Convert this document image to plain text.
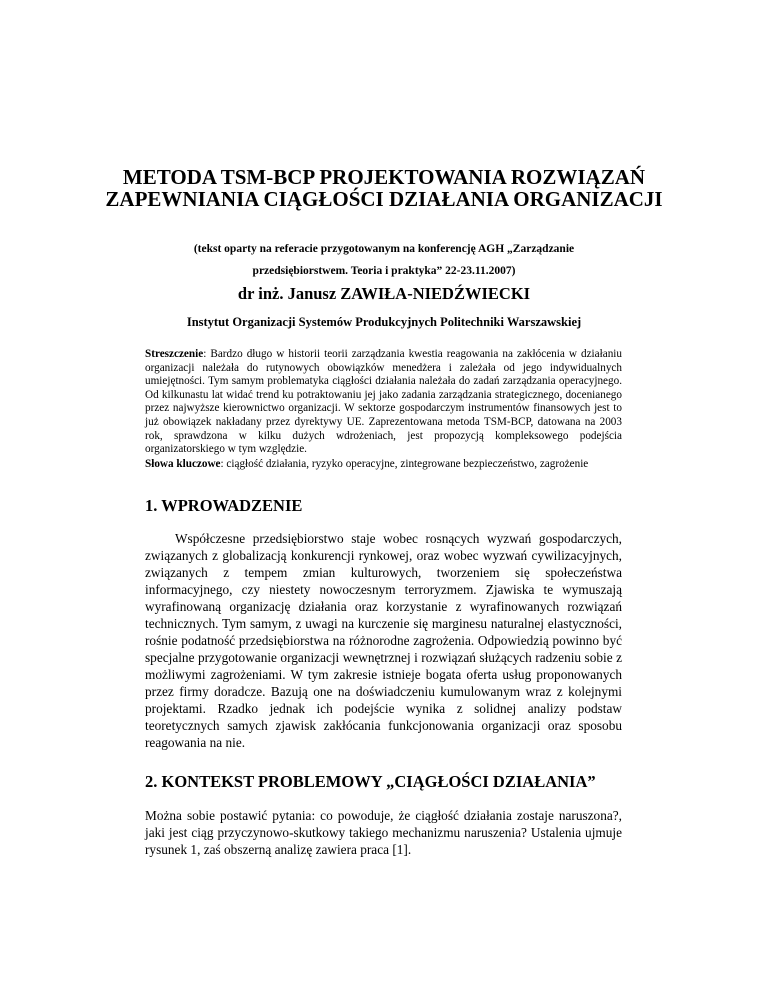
METODA TSM-BCP PROJEKTOWANIA ROZWIĄZAŃ ZAPEWNIANIA CIĄGŁOŚCI DZIAŁANIA ORGANIZACJI
(tekst oparty na referacie przygotowanym na konferencję AGH „Zarządzanie przedsiębiorstwem. Teoria i praktyka” 22-23.11.2007)
dr inż. Janusz ZAWIŁA-NIEDŹWIECKI
Instytut Organizacji Systemów Produkcyjnych Politechniki Warszawskiej

Streszczenie: Bardzo długo w historii teorii zarządzania kwestia reagowania na zakłócenia w działaniu organizacji należała do rutynowych obowiązków menedżera i zależała od jego indywidualnych umiejętności. Tym samym problematyka ciągłości działania należała do zadań zarządzania operacyjnego. Od kilkunastu lat widać trend ku potraktowaniu jej jako zadania zarządzania strategicznego, docenianego przez najwyższe kierownictwo organizacji. W sektorze gospodarczym instrumentów finansowych jest to już obowiązek nakładany przez dyrektywy UE. Zaprezentowana metoda TSM-BCP, datowana na 2003 rok, sprawdzona w kilku dużych wdrożeniach, jest propozycją kompleksowego podejścia organizatorskiego w tym względzie.

Słowa kluczowe: ciągłość działania, ryzyko operacyjne, zintegrowane bezpieczeństwo, zagrożenie

1. WPROWADZENIE

Współczesne przedsiębiorstwo staje wobec rosnących wyzwań gospodarczych, związanych z globalizacją konkurencji rynkowej, oraz wobec wyzwań cywilizacyjnych, związanych z tempem zmian kulturowych, tworzeniem się społeczeństwa informacyjnego, czy niestety nowoczesnym terroryzmem. Zjawiska te wymuszają wyrafinowaną organizację działania oraz korzystanie z wyrafinowanych rozwiązań technicznych. Tym samym, z uwagi na kurczenie się marginesu naturalnej elastyczności, rośnie podatność przedsiębiorstwa na różnorodne zagrożenia. Odpowiedzią powinno być specjalne przygotowanie organizacji wewnętrznej i rozwiązań służących radzeniu sobie z możliwymi zagrożeniami. W tym zakresie istnieje bogata oferta usług proponowanych przez firmy doradcze. Bazują one na doświadczeniu kumulowanym wraz z kolejnymi projektami. Rzadko jednak ich podejście wynika z solidnej analizy podstaw teoretycznych samych zjawisk zakłócania funkcjonowania organizacji oraz sposobu reagowania na nie.

2. KONTEKST PROBLEMOWY „CIĄGŁOŚCI DZIAŁANIA”

Można sobie postawić pytania: co powoduje, że ciągłość działania zostaje naruszona?, jaki jest ciąg przyczynowo-skutkowy takiego mechanizmu naruszenia? Ustalenia ujmuje rysunek 1, zaś obszerną analizę zawiera praca [1].
